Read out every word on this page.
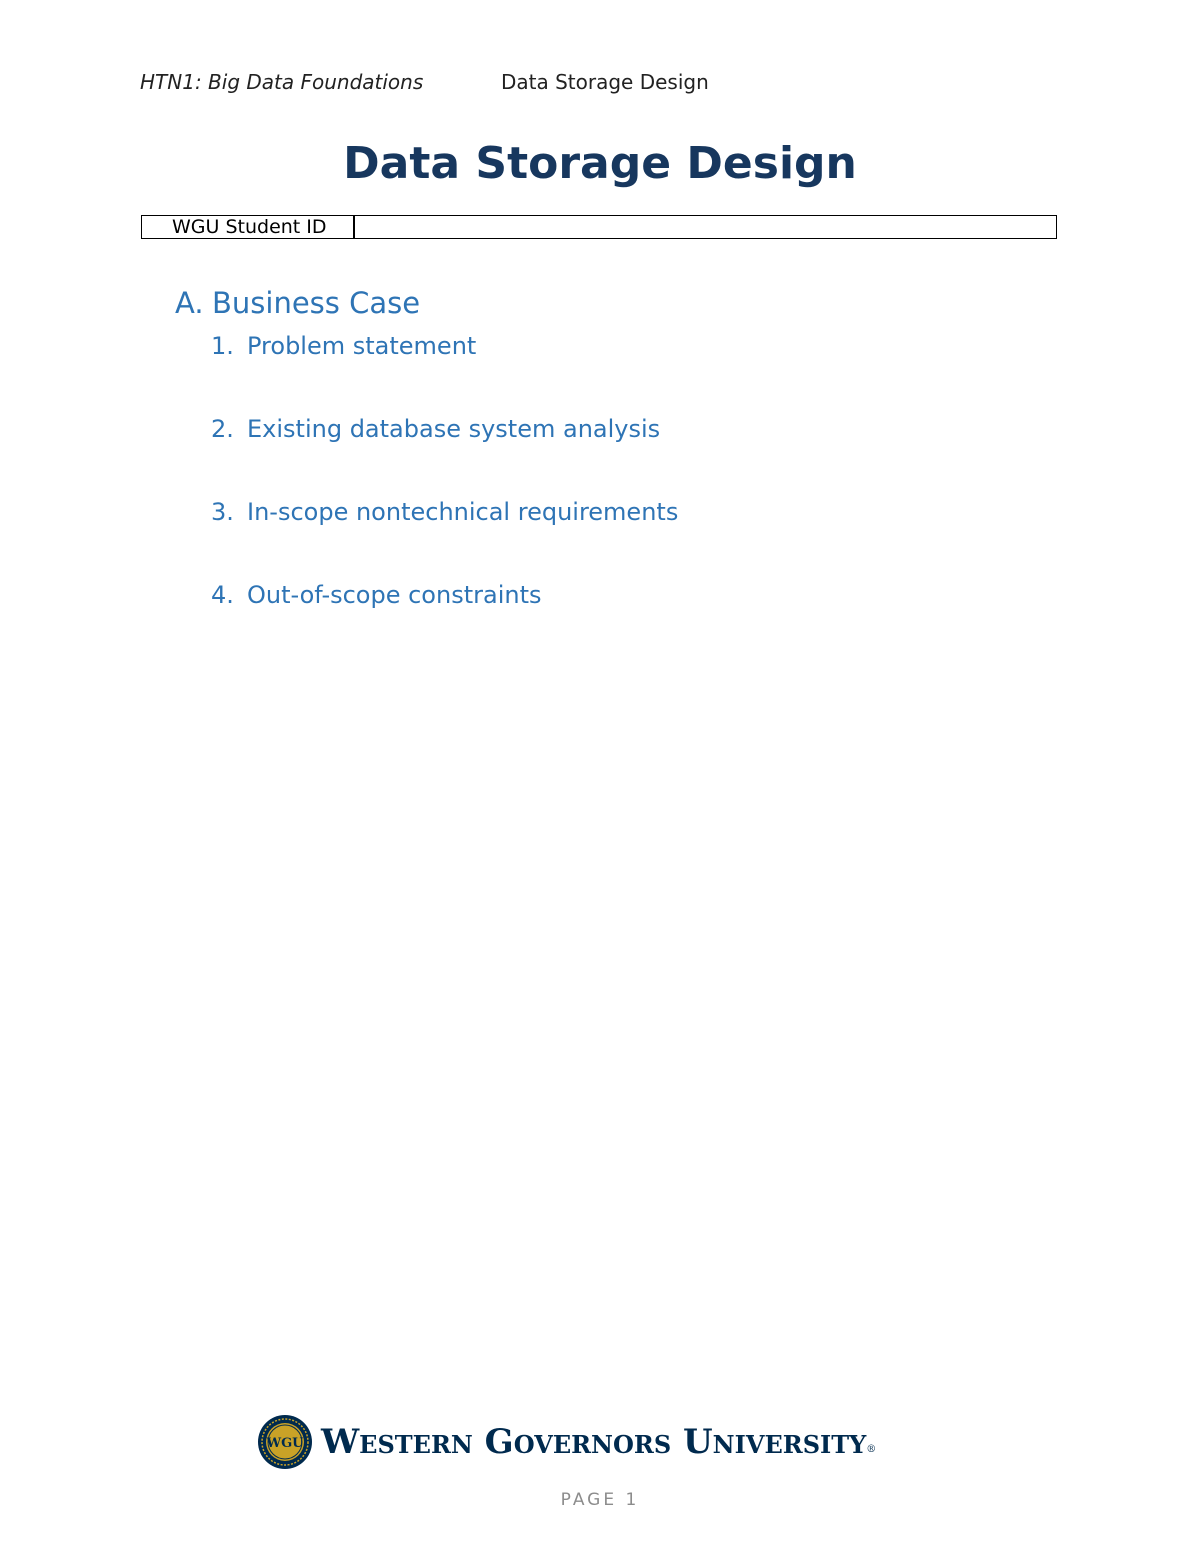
HTN1: Big Data Foundations	Data Storage Design
Data Storage Design
WGU Student ID
A. Business Case
1. Problem statement
2. Existing database system analysis
3. In-scope nontechnical requirements
4. Out-of-scope constraints
WGU Western Governors University®
PAGE 1
